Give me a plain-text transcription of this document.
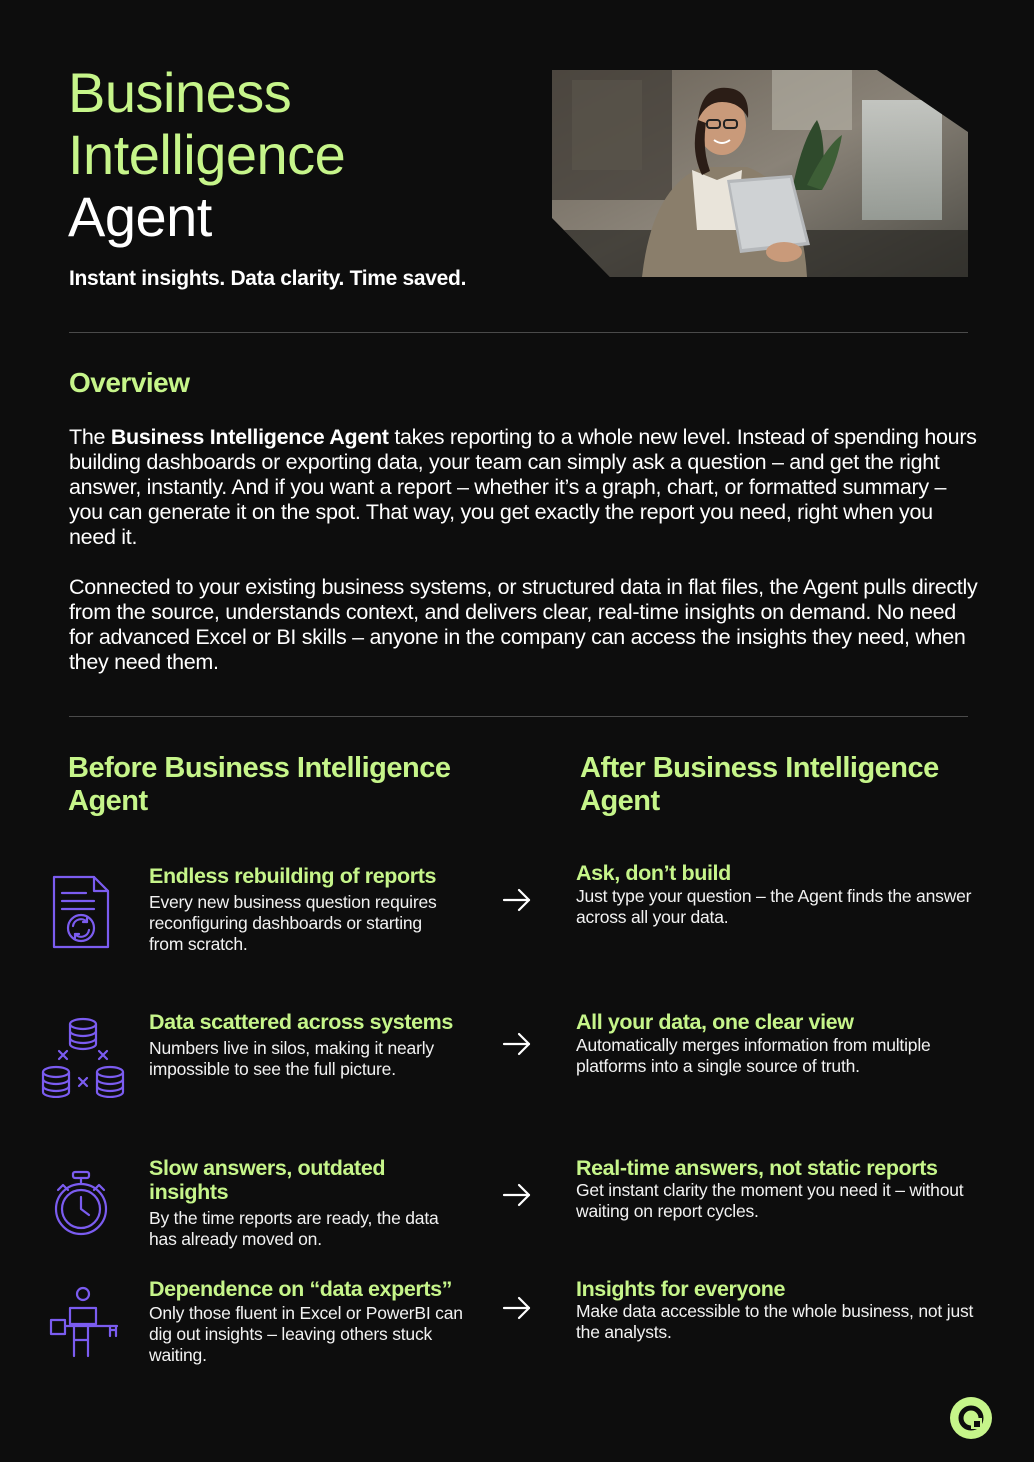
Business
Intelligence
Agent
Instant insights. Data clarity. Time saved.
Overview

The Business Intelligence Agent takes reporting to a whole new level. Instead of spending hours building dashboards or exporting data, your team can simply ask a question – and get the right answer, instantly. And if you want a report – whether it’s a graph, chart, or formatted summary – you can generate it on the spot. That way, you get exactly the report you need, right when you need it.

Connected to your existing business systems, or structured data in flat files, the Agent pulls directly from the source, understands context, and delivers clear, real-time insights on demand. No need for advanced Excel or BI skills – anyone in the company can access the insights they need, when they need them.

Before Business Intelligence Agent
After Business Intelligence Agent
Endless rebuilding of reports

Every new business question requires reconfiguring dashboards or starting from scratch.

Ask, don’t build

Just type your question – the Agent finds the answer across all your data.

Data scattered across systems

Numbers live in silos, making it nearly impossible to see the full picture.

All your data, one clear view

Automatically merges information from multiple platforms into a single source of truth.

Slow answers, outdated insights

By the time reports are ready, the data has already moved on.

Real-time answers, not static reports

Get instant clarity the moment you need it – without waiting on report cycles.

Dependence on “data experts”

Only those fluent in Excel or PowerBI can dig out insights – leaving others stuck waiting.

Insights for everyone

Make data accessible to the whole business, not just the analysts.
